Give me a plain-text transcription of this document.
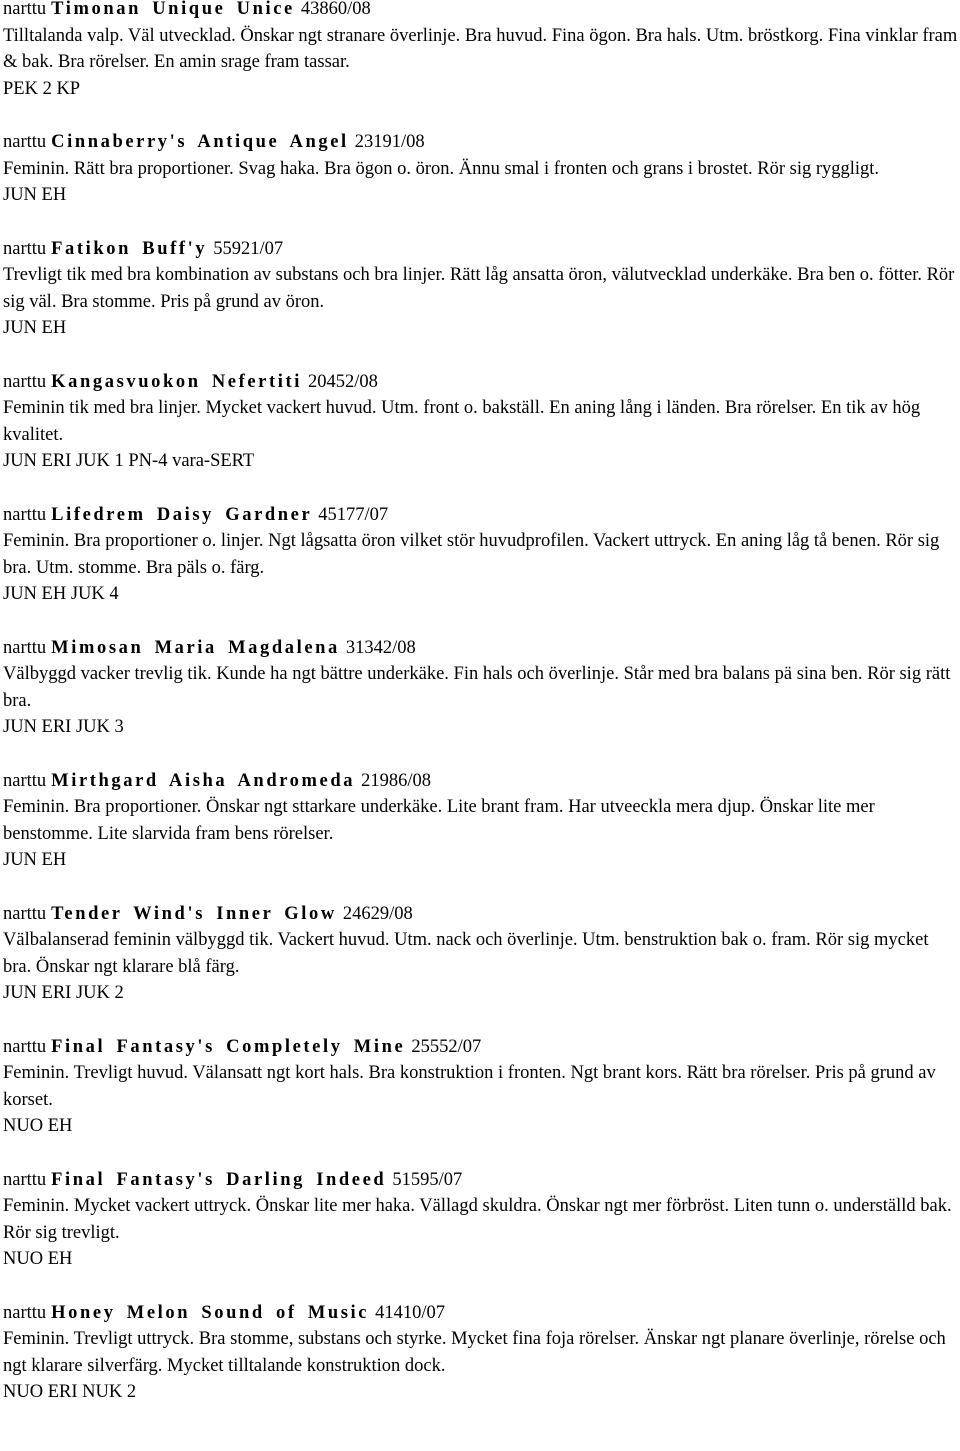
narttu Timonan Unique Unice 43860/08
Tilltalanda valp. Väl utvecklad. Önskar ngt stranare överlinje. Bra huvud. Fina ögon. Bra hals. Utm. bröstkorg. Fina vinklar fram & bak. Bra rörelser. En amin srage fram tassar.
PEK 2 KP
narttu Cinnaberry's Antique Angel 23191/08
Feminin. Rätt bra proportioner. Svag haka. Bra ögon o. öron. Ännu smal i fronten och grans i brostet. Rör sig ryggligt.
JUN EH
narttu Fatikon Buff'y 55921/07
Trevligt tik med bra kombination av substans och bra linjer. Rätt låg ansatta öron, välutvecklad underkäke. Bra ben o. fötter. Rör sig väl. Bra stomme. Pris på grund av öron.
JUN EH
narttu Kangasvuokon Nefertiti 20452/08
Feminin tik med bra linjer. Mycket vackert huvud. Utm. front o. bakställ. En aning lång i länden. Bra rörelser. En tik av hög kvalitet.
JUN ERI JUK 1 PN-4 vara-SERT
narttu Lifedrem Daisy Gardner 45177/07
Feminin. Bra proportioner o. linjer. Ngt lågsatta öron vilket stör huvudprofilen. Vackert uttryck. En aning låg tå benen. Rör sig bra. Utm. stomme. Bra päls o. färg.
JUN EH JUK 4
narttu Mimosan Maria Magdalena 31342/08
Välbyggd vacker trevlig tik. Kunde ha ngt bättre underkäke. Fin hals och överlinje. Står med bra balans pä sina ben. Rör sig rätt bra.
JUN ERI JUK 3
narttu Mirthgard Aisha Andromeda 21986/08
Feminin. Bra proportioner. Önskar ngt sttarkare underkäke. Lite brant fram. Har utveeckla mera djup. Önskar lite mer benstomme. Lite slarvida fram bens rörelser.
JUN EH
narttu Tender Wind's Inner Glow 24629/08
Välbalanserad feminin välbyggd tik. Vackert huvud. Utm. nack och överlinje. Utm. benstruktion bak o. fram. Rör sig mycket bra. Önskar ngt klarare blå färg.
JUN ERI JUK 2
narttu Final Fantasy's Completely Mine 25552/07
Feminin. Trevligt huvud. Välansatt ngt kort hals. Bra konstruktion i fronten. Ngt brant kors. Rätt bra rörelser. Pris på grund av korset.
NUO EH
narttu Final Fantasy's Darling Indeed 51595/07
Feminin. Mycket vackert uttryck. Önskar lite mer haka. Vällagd skuldra. Önskar ngt mer förbröst. Liten tunn o. underställd bak. Rör sig trevligt.
NUO EH
narttu Honey Melon Sound of Music 41410/07
Feminin. Trevligt uttryck. Bra stomme, substans och styrke. Mycket fina foja rörelser. Änskar ngt planare överlinje, rörelse och ngt klarare silverfärg. Mycket tilltalande konstruktion dock.
NUO ERI NUK 2
